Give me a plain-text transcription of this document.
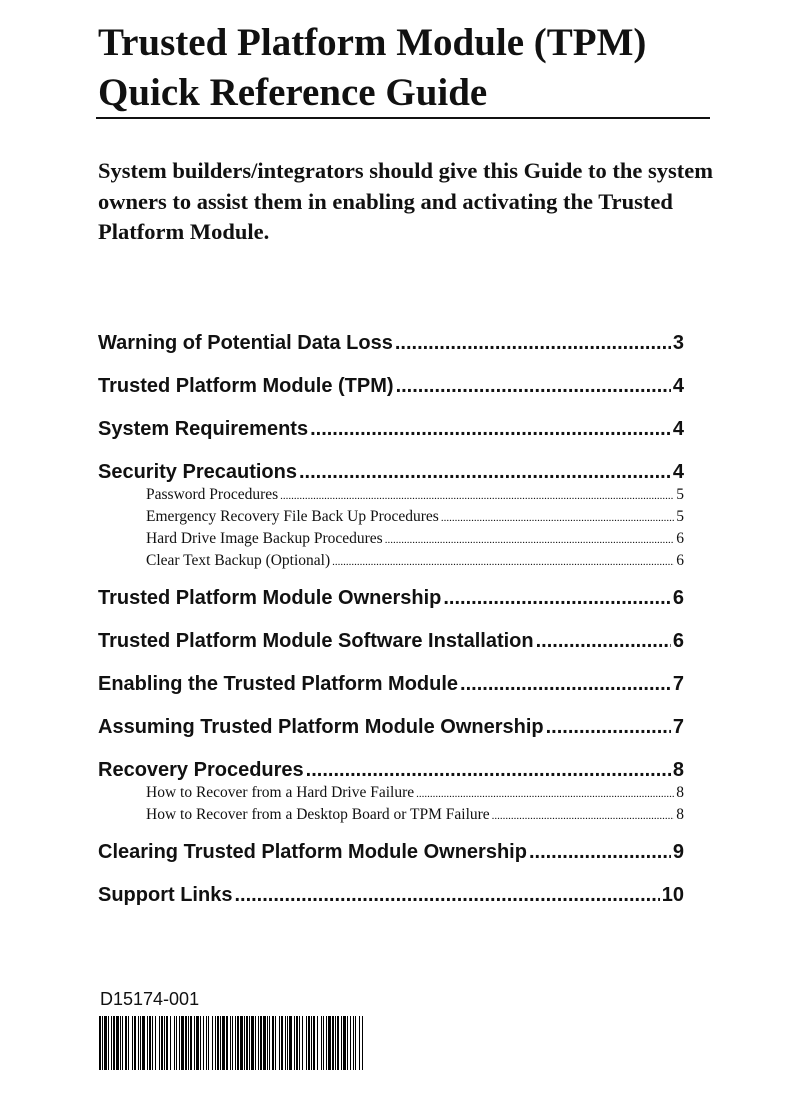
Trusted Platform Module (TPM)
Quick Reference Guide

System builders/integrators should give this Guide to the system owners to assist them in enabling and activating the Trusted Platform Module.

Warning of Potential Data Loss .....	3
Trusted Platform Module (TPM) .....	4
System Requirements .....	4
Security Precautions .....	4
Password Procedures .....	5
Emergency Recovery File Back Up Procedures .....	5
Hard Drive Image Backup Procedures .....	6
Clear Text Backup (Optional) .....	6
Trusted Platform Module Ownership .....	6
Trusted Platform Module Software Installation .....	6
Enabling the Trusted Platform Module .....	7
Assuming Trusted Platform Module Ownership .....	7
Recovery Procedures .....	8
How to Recover from a Hard Drive Failure .....	8
How to Recover from a Desktop Board or TPM Failure .....	8
Clearing Trusted Platform Module Ownership .....	9
Support Links .....	10
D15174-001
